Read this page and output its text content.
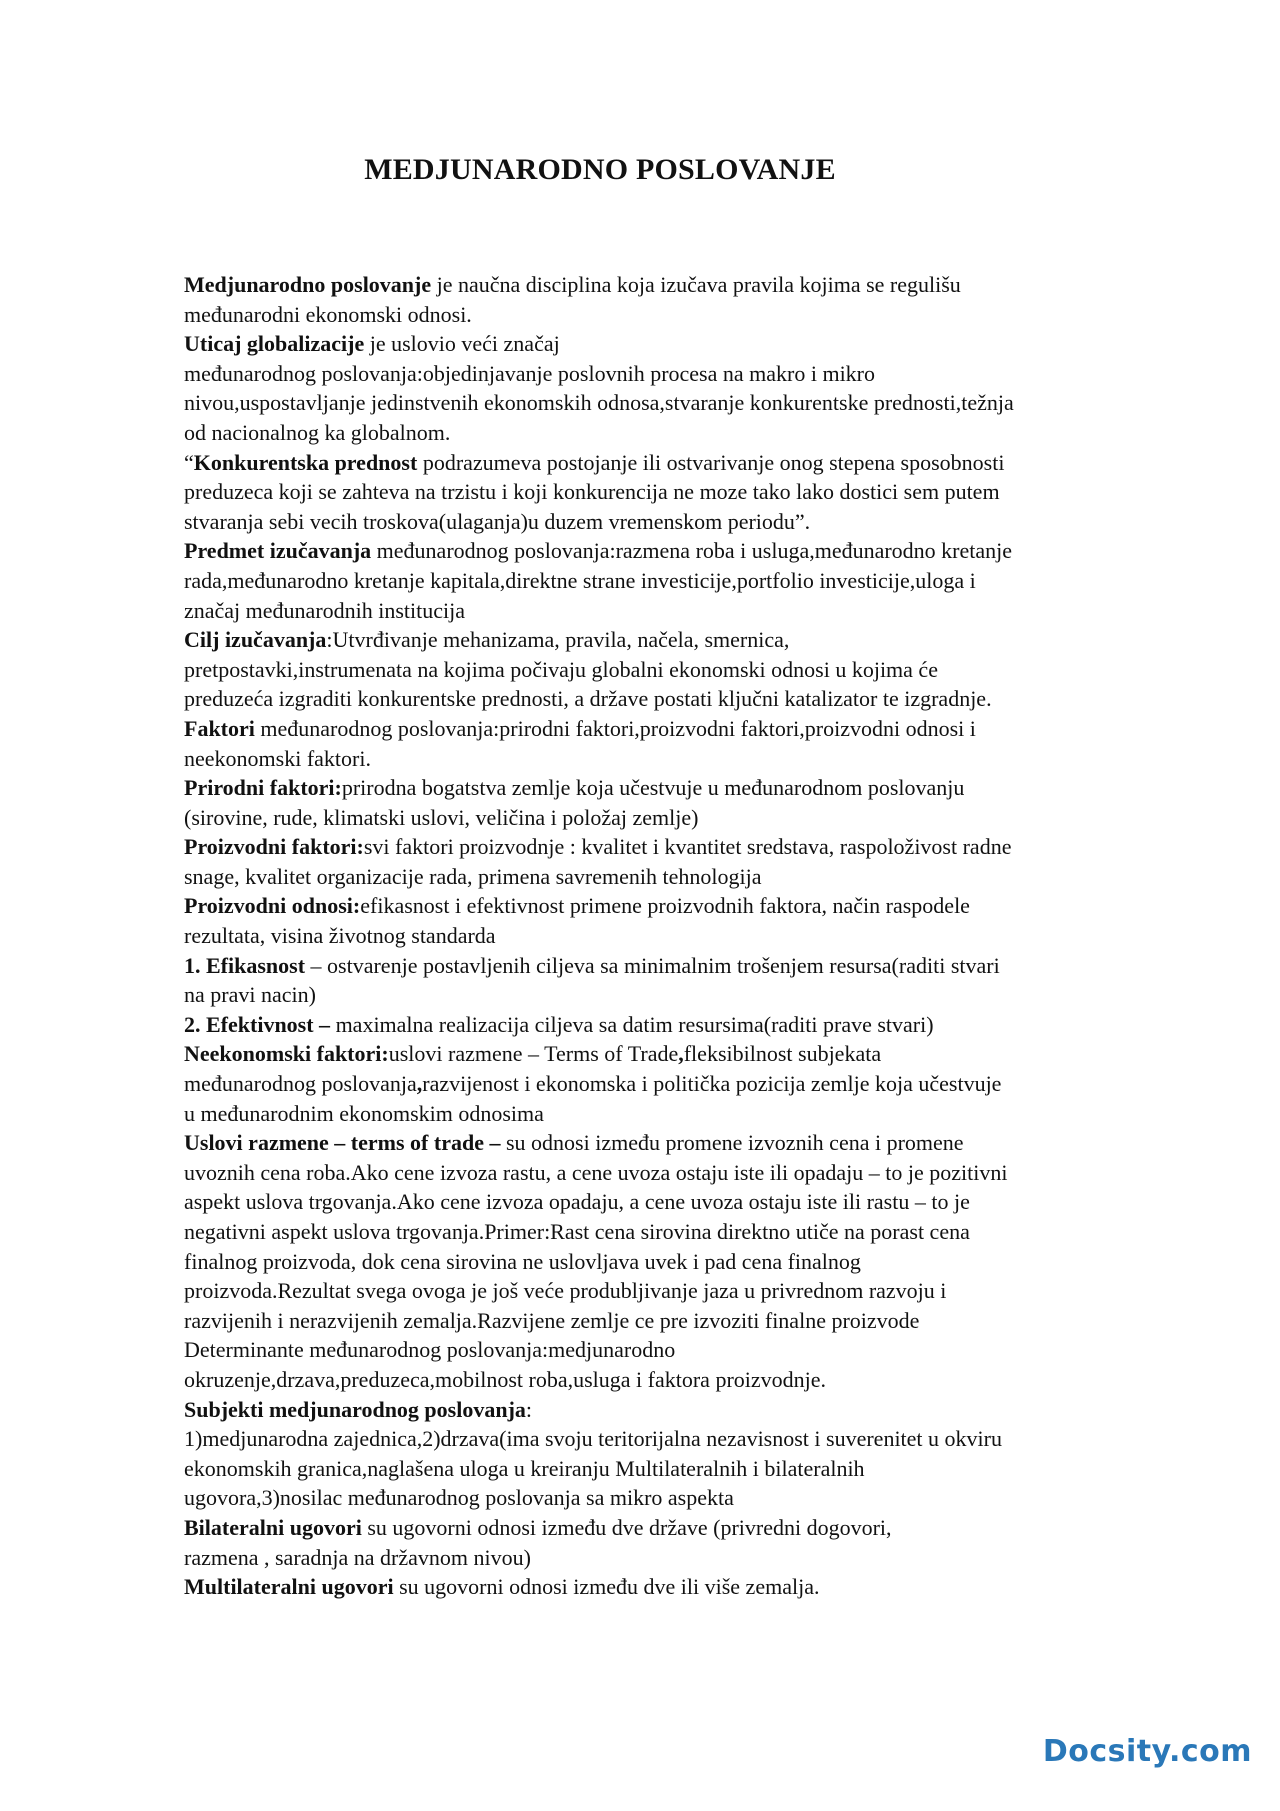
MEDJUNARODNO POSLOVANJE
Medjunarodno poslovanje je naučna disciplina koja izučava pravila kojima se regulišu
međunarodni ekonomski odnosi.
Uticaj globalizacije je uslovio veći značaj
međunarodnog poslovanja:objedinjavanje poslovnih procesa na makro i mikro
nivou,uspostavljanje jedinstvenih ekonomskih odnosa,stvaranje konkurentske prednosti,težnja
od nacionalnog ka globalnom.
“Konkurentska prednost podrazumeva postojanje ili ostvarivanje onog stepena sposobnosti
preduzeca koji se zahteva na trzistu i koji konkurencija ne moze tako lako dostici sem putem
stvaranja sebi vecih troskova(ulaganja)u duzem vremenskom periodu”.
Predmet izučavanja međunarodnog poslovanja:razmena roba i usluga,međunarodno kretanje
rada,međunarodno kretanje kapitala,direktne strane investicije,portfolio investicije,uloga i
značaj međunarodnih institucija
Cilj izučavanja:Utvrđivanje mehanizama, pravila, načela, smernica,
pretpostavki,instrumenata na kojima počivaju globalni ekonomski odnosi u kojima će
preduzeća izgraditi konkurentske prednosti, a države postati ključni katalizator te izgradnje.
Faktori međunarodnog poslovanja:prirodni faktori,proizvodni faktori,proizvodni odnosi i
neekonomski faktori.
Prirodni faktori:prirodna bogatstva zemlje koja učestvuje u međunarodnom poslovanju
(sirovine, rude, klimatski uslovi, veličina i položaj zemlje)
Proizvodni faktori:svi faktori proizvodnje : kvalitet i kvantitet sredstava, raspoloživost radne
snage, kvalitet organizacije rada, primena savremenih tehnologija
Proizvodni odnosi:efikasnost i efektivnost primene proizvodnih faktora, način raspodele
rezultata, visina životnog standarda
1. Efikasnost – ostvarenje postavljenih ciljeva sa minimalnim trošenjem resursa(raditi stvari
na pravi nacin)
2. Efektivnost – maximalna realizacija ciljeva sa datim resursima(raditi prave stvari)
Neekonomski faktori:uslovi razmene – Terms of Trade,fleksibilnost subjekata
međunarodnog poslovanja,razvijenost i ekonomska i politička pozicija zemlje koja učestvuje
u međunarodnim ekonomskim odnosima
Uslovi razmene – terms of trade – su odnosi između promene izvoznih cena i promene
uvoznih cena roba.Ako cene izvoza rastu, a cene uvoza ostaju iste ili opadaju – to je pozitivni
aspekt uslova trgovanja.Ako cene izvoza opadaju, a cene uvoza ostaju iste ili rastu – to je
negativni aspekt uslova trgovanja.Primer:Rast cena sirovina direktno utiče na porast cena
finalnog proizvoda, dok cena sirovina ne uslovljava uvek i pad cena finalnog
proizvoda.Rezultat svega ovoga je još veće produbljivanje jaza u privrednom razvoju i
razvijenih i nerazvijenih zemalja.Razvijene zemlje ce pre izvoziti finalne proizvode
Determinante međunarodnog poslovanja:medjunarodno
okruzenje,drzava,preduzeca,mobilnost roba,usluga i faktora proizvodnje.
Subjekti medjunarodnog poslovanja:
1)medjunarodna zajednica,2)drzava(ima svoju teritorijalna nezavisnost i suverenitet u okviru
ekonomskih granica,naglašena uloga u kreiranju Multilateralnih i bilateralnih
ugovora,3)nosilac međunarodnog poslovanja sa mikro aspekta
Bilateralni ugovori su ugovorni odnosi između dve države (privredni dogovori,
razmena , saradnja na državnom nivou)
Multilateralni ugovori su ugovorni odnosi između dve ili više zemalja.
Docsity.com
